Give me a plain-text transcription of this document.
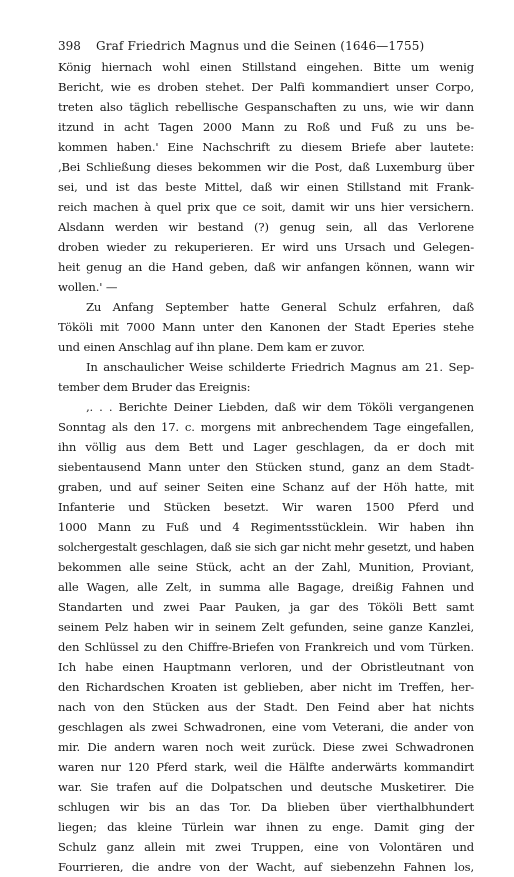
398	Graf Friedrich Magnus und die Seinen (1646—1755)
König hiernach wohl einen Stillstand eingehen. Bitte um wenig
Bericht, wie es droben stehet. Der Palfi kommandiert unser Corpo,
treten also täglich rebellische Gespanschaften zu uns, wie wir dann
itzund in acht Tagen 2000 Mann zu Roß und Fuß zu uns be-
kommen haben.' Eine Nachschrift zu diesem Briefe aber lautete:
‚Bei Schließung dieses bekommen wir die Post, daß Luxemburg über
sei, und ist das beste Mittel, daß wir einen Stillstand mit Frank-
reich machen à quel prix que ce soit, damit wir uns hier versichern.
Alsdann werden wir bestand (?) genug sein, all das Verlorene
droben wieder zu rekuperieren. Er wird uns Ursach und Gelegen-
heit genug an die Hand geben, daß wir anfangen können, wann wir
wollen.' —
Zu Anfang September hatte General Schulz erfahren, daß
Tököli mit 7000 Mann unter den Kanonen der Stadt Eperies stehe
und einen Anschlag auf ihn plane. Dem kam er zuvor.
In anschaulicher Weise schilderte Friedrich Magnus am 21. Sep-
tember dem Bruder das Ereignis:
‚. . . Berichte Deiner Liebden, daß wir dem Tököli vergangenen
Sonntag als den 17. c. morgens mit anbrechendem Tage eingefallen,
ihn völlig aus dem Bett und Lager geschlagen, da er doch mit
siebentausend Mann unter den Stücken stund, ganz an dem Stadt-
graben, und auf seiner Seiten eine Schanz auf der Höh hatte, mit
Infanterie und Stücken besetzt. Wir waren 1500 Pferd und
1000 Mann zu Fuß und 4 Regimentsstücklein. Wir haben ihn
solchergestalt geschlagen, daß sie sich gar nicht mehr gesetzt, und haben
bekommen alle seine Stück, acht an der Zahl, Munition, Proviant,
alle Wagen, alle Zelt, in summa alle Bagage, dreißig Fahnen und
Standarten und zwei Paar Pauken, ja gar des Tököli Bett samt
seinem Pelz haben wir in seinem Zelt gefunden, seine ganze Kanzlei,
den Schlüssel zu den Chiffre-Briefen von Frankreich und vom Türken.
Ich habe einen Hauptmann verloren, und der Obristleutnant von
den Richardschen Kroaten ist geblieben, aber nicht im Treffen, her-
nach von den Stücken aus der Stadt. Den Feind aber hat nichts
geschlagen als zwei Schwadronen, eine vom Veterani, die ander von
mir. Die andern waren noch weit zurück. Diese zwei Schwadronen
waren nur 120 Pferd stark, weil die Hälfte anderwärts kommandirt
war. Sie trafen auf die Dolpatschen und deutsche Musketirer. Die
schlugen wir bis an das Tor. Da blieben über vierthalbhundert
liegen; das kleine Türlein war ihnen zu enge. Damit ging der
Schulz ganz allein mit zwei Truppen, eine von Volontären und
Fourrieren, die andre von der Wacht, auf siebenzehn Fahnen los,
